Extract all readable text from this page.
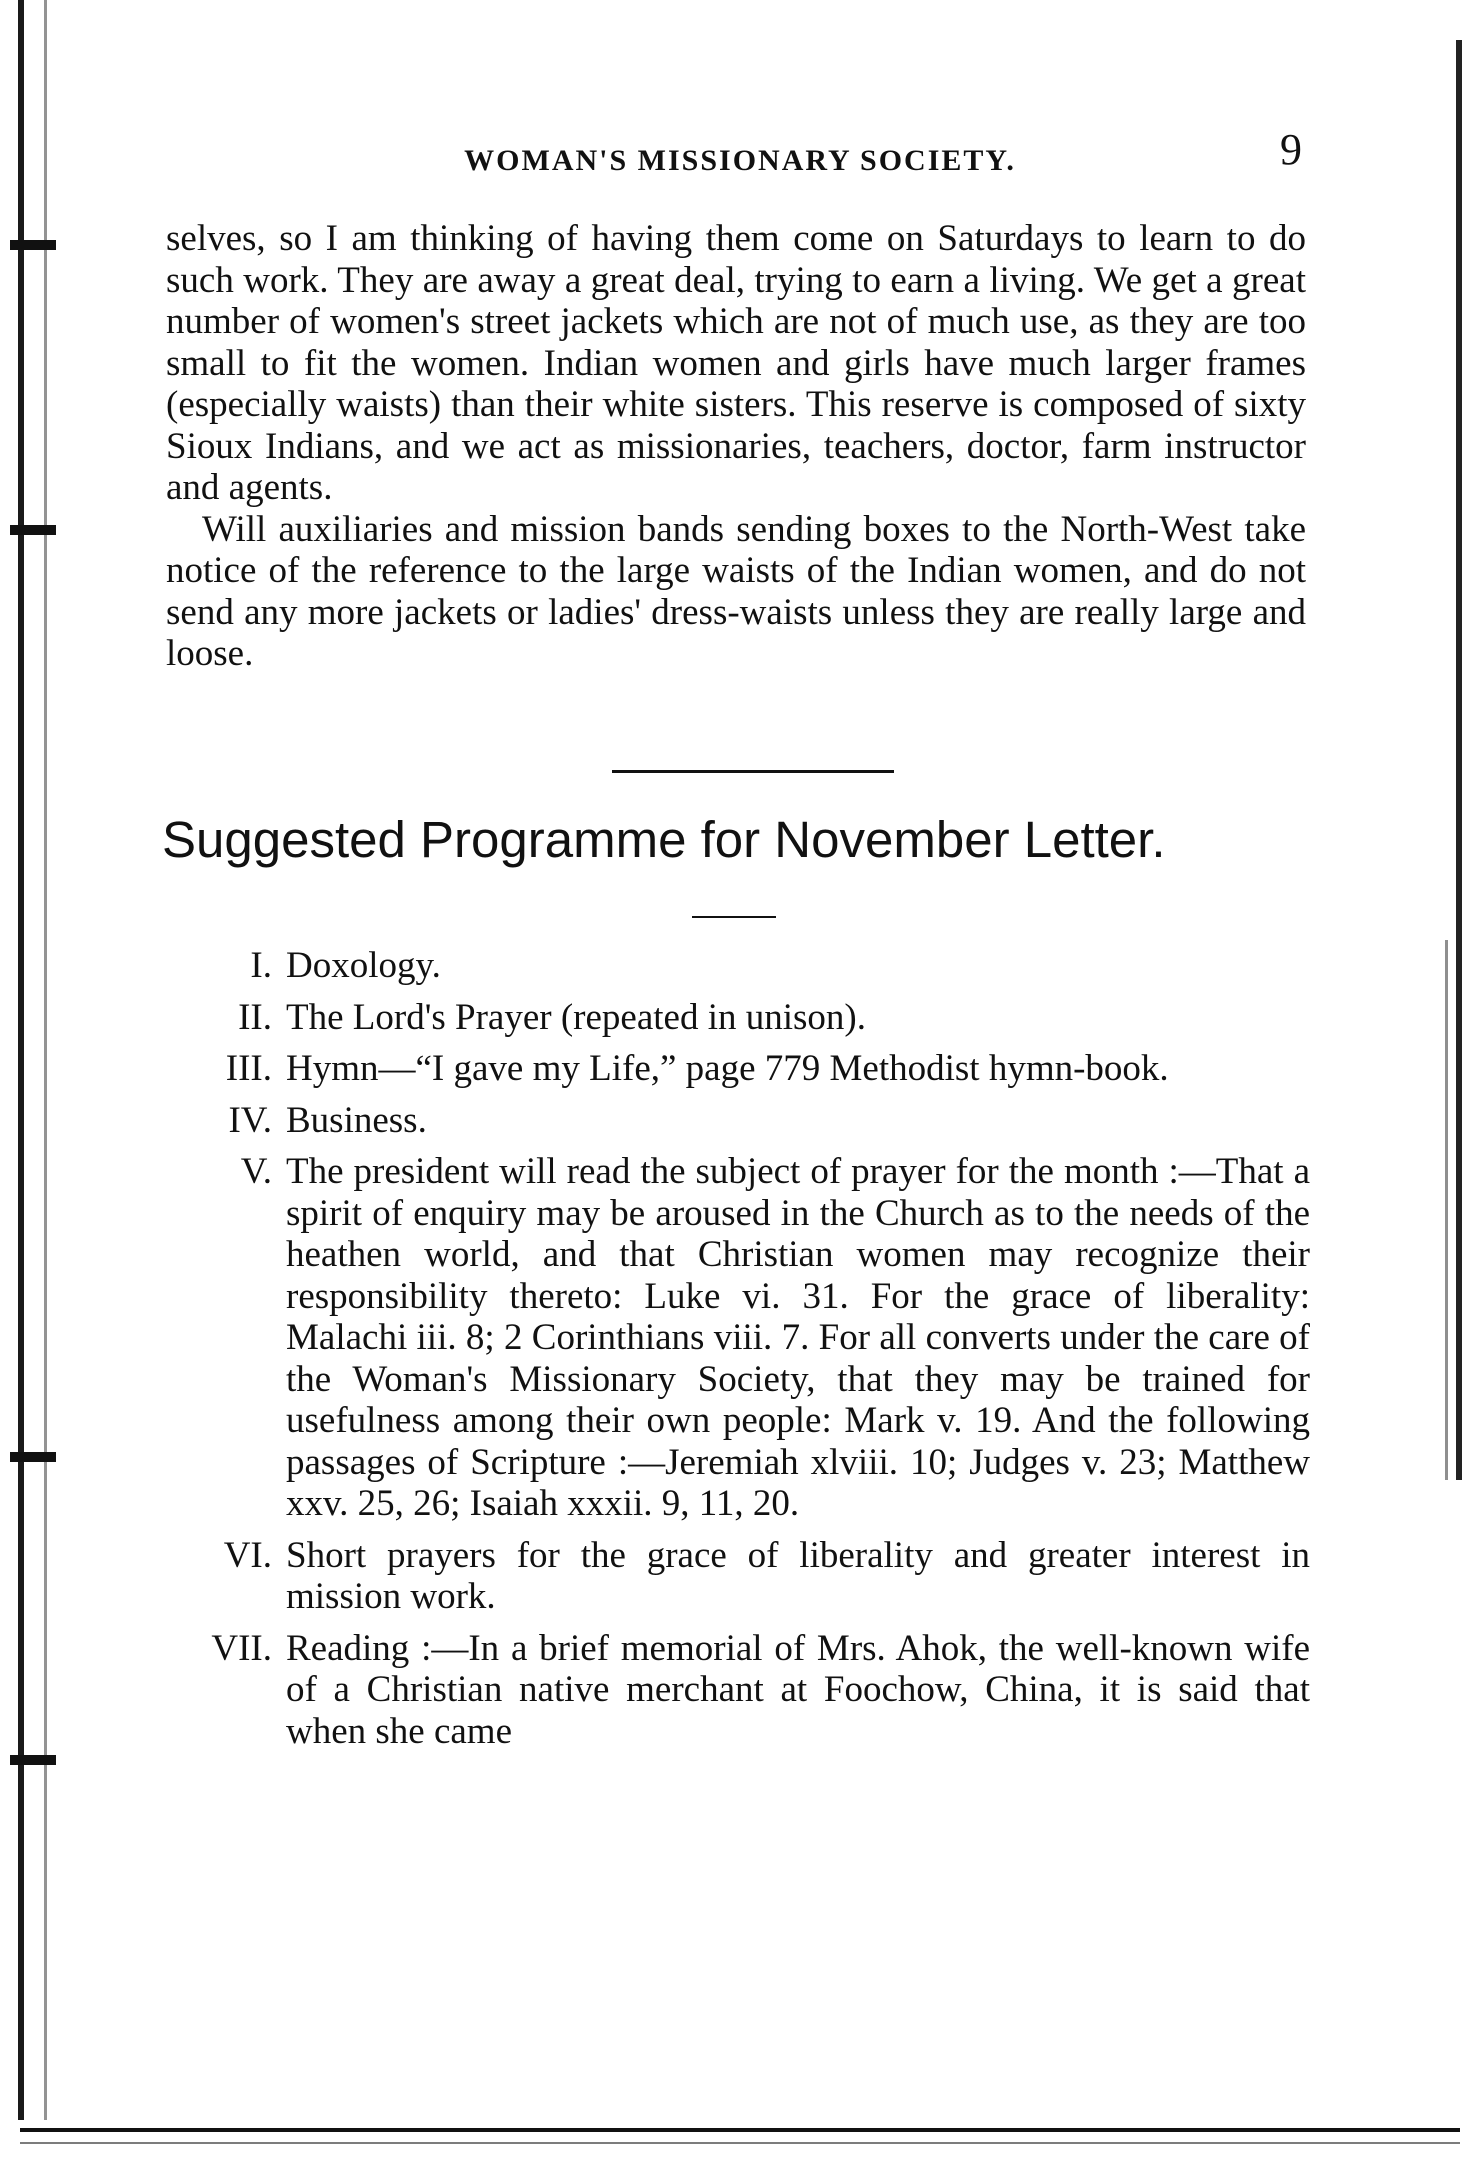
WOMAN'S MISSIONARY SOCIETY.	9

selves, so I am thinking of having them come on Saturdays to learn to do such work. They are away a great deal, trying to earn a living. We get a great number of women's street jackets which are not of much use, as they are too small to fit the women. Indian women and girls have much larger frames (especially waists) than their white sisters. This reserve is composed of sixty Sioux Indians, and we act as missionaries, teachers, doctor, farm instructor and agents.

Will auxiliaries and mission bands sending boxes to the North-West take notice of the reference to the large waists of the Indian women, and do not send any more jackets or ladies' dress-waists unless they are really large and loose.

Suggested Programme for November Letter.
I. Doxology.
II. The Lord's Prayer (repeated in unison).
III. Hymn—“I gave my Life,” page 779 Methodist hymn-book.
IV. Business.
V. The president will read the subject of prayer for the month :—That a spirit of enquiry may be aroused in the Church as to the needs of the heathen world, and that Christian women may recognize their responsibility thereto: Luke vi. 31. For the grace of liberality: Malachi iii. 8; 2 Corinthians viii. 7. For all converts under the care of the Woman's Missionary Society, that they may be trained for usefulness among their own people: Mark v. 19. And the following passages of Scripture :—Jeremiah xlviii. 10; Judges v. 23; Matthew xxv. 25, 26; Isaiah xxxii. 9, 11, 20.
VI. Short prayers for the grace of liberality and greater interest in mission work.
VII. Reading :—In a brief memorial of Mrs. Ahok, the well-known wife of a Christian native merchant at Foochow, China, it is said that when she came
